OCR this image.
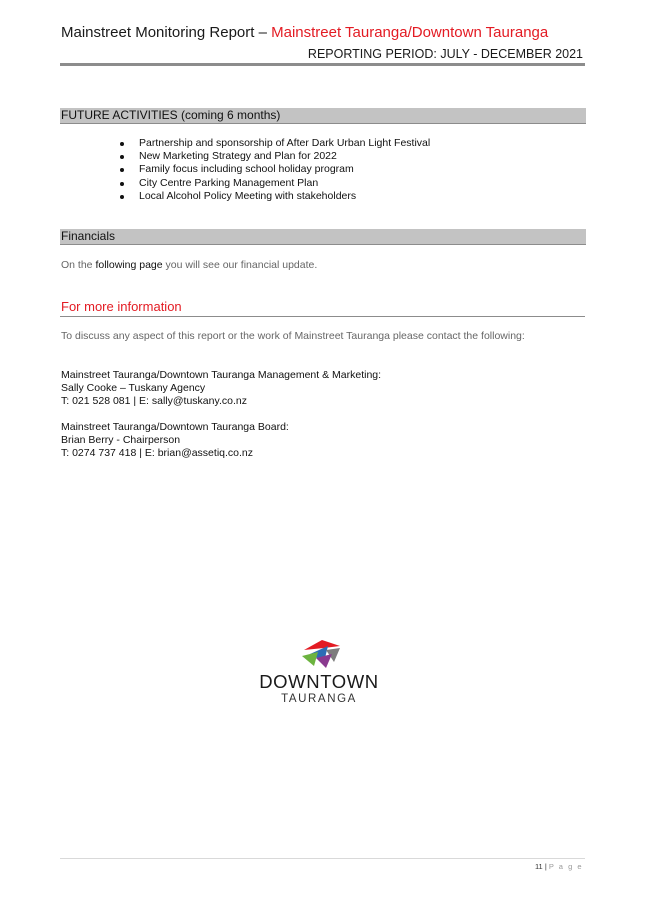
Mainstreet Monitoring Report – Mainstreet Tauranga/Downtown Tauranga
REPORTING PERIOD: JULY - DECEMBER 2021
FUTURE ACTIVITIES (coming 6 months)
Partnership and sponsorship of After Dark Urban Light Festival
New Marketing Strategy and Plan for 2022
Family focus including school holiday program
City Centre Parking Management Plan
Local Alcohol Policy Meeting with stakeholders
Financials
On the following page you will see our financial update.
For more information
To discuss any aspect of this report or the work of Mainstreet Tauranga please contact the following:
Mainstreet Tauranga/Downtown Tauranga Management & Marketing:
Sally Cooke – Tuskany Agency
T: 021 528 081 | E: sally@tuskany.co.nz
Mainstreet Tauranga/Downtown Tauranga Board:
Brian Berry - Chairperson
T: 0274 737 418 | E: brian@assetiq.co.nz
DOWNTOWN
TAURANGA
11 | P a g e
